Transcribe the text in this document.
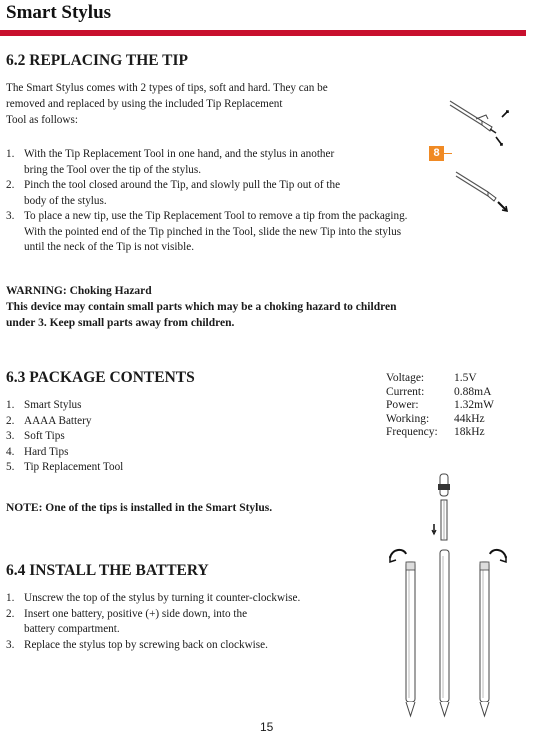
Smart Stylus
6.2 REPLACING THE TIP
The Smart Stylus comes with 2 types of tips, soft and hard. They can be
removed and replaced by using the included Tip Replacement
Tool as follows:
1. With the Tip Replacement Tool in one hand, and the stylus in another
bring the Tool over the tip of the stylus.
2. Pinch the tool closed around the Tip, and slowly pull the Tip out of the
body of the stylus.
3. To place a new tip, use the Tip Replacement Tool to remove a tip from the packaging.
With the pointed end of the Tip pinched in the Tool, slide the new Tip into the stylus
until the neck of the Tip is not visible.
8
WARNING: Choking Hazard
This device may contain small parts which may be a choking hazard to children
under 3. Keep small parts away from children.
6.3 PACKAGE CONTENTS
1. Smart Stylus
2. AAAA Battery
3. Soft Tips
4. Hard Tips
5. Tip Replacement Tool
NOTE: One of the tips is installed in the Smart Stylus.
Voltage:	1.5V
Current:	0.88mA
Power:	1.32mW
Working:	44kHz
Frequency:	18kHz
6.4 INSTALL THE BATTERY
1. Unscrew the top of the stylus by turning it counter-clockwise.
2. Insert one battery, positive (+) side down, into the
battery compartment.
3. Replace the stylus top by screwing back on clockwise.
15
